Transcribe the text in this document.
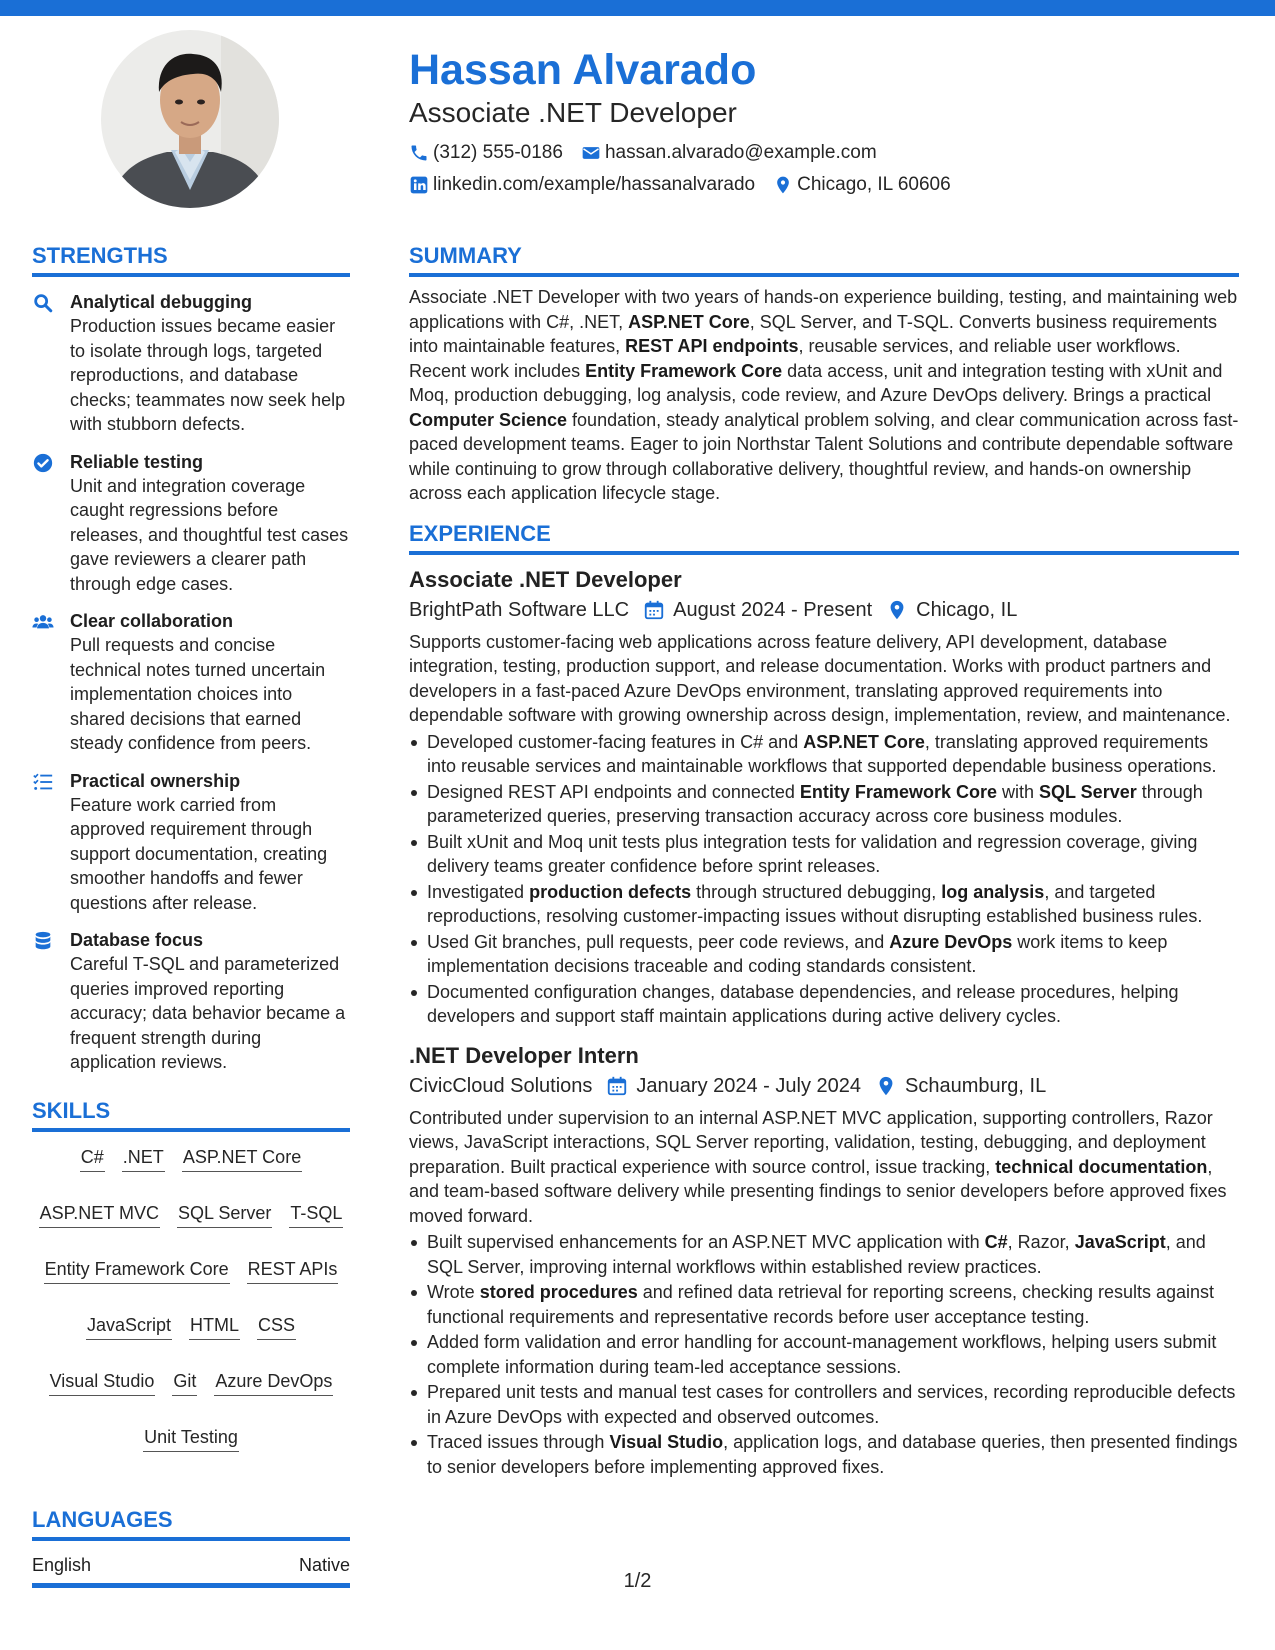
Hassan Alvarado
Associate .NET Developer
(312) 555-0186 hassan.alvarado@example.com
linkedin.com/example/hassanalvarado Chicago, IL 60606
STRENGTHS
Analytical debugging
Production issues became easier to isolate through logs, targeted reproductions, and database checks; teammates now seek help with stubborn defects.
Reliable testing
Unit and integration coverage caught regressions before releases, and thoughtful test cases gave reviewers a clearer path through edge cases.
Clear collaboration
Pull requests and concise technical notes turned uncertain implementation choices into shared decisions that earned steady confidence from peers.
Practical ownership
Feature work carried from approved requirement through support documentation, creating smoother handoffs and fewer questions after release.
Database focus
Careful T-SQL and parameterized queries improved reporting accuracy; data behavior became a frequent strength during application reviews.
SKILLS
C# .NET ASP.NET Core
ASP.NET MVC SQL Server T-SQL
Entity Framework Core REST APIs
JavaScript HTML CSS
Visual Studio Git Azure DevOps
Unit Testing
LANGUAGES
English	Native
SUMMARY
Associate .NET Developer with two years of hands-on experience building, testing, and maintaining web applications with C#, .NET, ASP.NET Core, SQL Server, and T-SQL. Converts business requirements into maintainable features, REST API endpoints, reusable services, and reliable user workflows. Recent work includes Entity Framework Core data access, unit and integration testing with xUnit and Moq, production debugging, log analysis, code review, and Azure DevOps delivery. Brings a practical Computer Science foundation, steady analytical problem solving, and clear communication across fast-paced development teams. Eager to join Northstar Talent Solutions and contribute dependable software while continuing to grow through collaborative delivery, thoughtful review, and hands-on ownership across each application lifecycle stage.
EXPERIENCE
Associate .NET Developer
BrightPath Software LLC August 2024 - Present Chicago, IL
Supports customer-facing web applications across feature delivery, API development, database integration, testing, production support, and release documentation. Works with product partners and developers in a fast-paced Azure DevOps environment, translating approved requirements into dependable software with growing ownership across design, implementation, review, and maintenance.
Developed customer-facing features in C# and ASP.NET Core, translating approved requirements into reusable services and maintainable workflows that supported dependable business operations.
Designed REST API endpoints and connected Entity Framework Core with SQL Server through parameterized queries, preserving transaction accuracy across core business modules.
Built xUnit and Moq unit tests plus integration tests for validation and regression coverage, giving delivery teams greater confidence before sprint releases.
Investigated production defects through structured debugging, log analysis, and targeted reproductions, resolving customer-impacting issues without disrupting established business rules.
Used Git branches, pull requests, peer code reviews, and Azure DevOps work items to keep implementation decisions traceable and coding standards consistent.
Documented configuration changes, database dependencies, and release procedures, helping developers and support staff maintain applications during active delivery cycles.
.NET Developer Intern
CivicCloud Solutions January 2024 - July 2024 Schaumburg, IL
Contributed under supervision to an internal ASP.NET MVC application, supporting controllers, Razor views, JavaScript interactions, SQL Server reporting, validation, testing, debugging, and deployment preparation. Built practical experience with source control, issue tracking, technical documentation, and team-based software delivery while presenting findings to senior developers before approved fixes moved forward.
Built supervised enhancements for an ASP.NET MVC application with C#, Razor, JavaScript, and SQL Server, improving internal workflows within established review practices.
Wrote stored procedures and refined data retrieval for reporting screens, checking results against functional requirements and representative records before user acceptance testing.
Added form validation and error handling for account-management workflows, helping users submit complete information during team-led acceptance sessions.
Prepared unit tests and manual test cases for controllers and services, recording reproducible defects in Azure DevOps with expected and observed outcomes.
Traced issues through Visual Studio, application logs, and database queries, then presented findings to senior developers before implementing approved fixes.
1/2
